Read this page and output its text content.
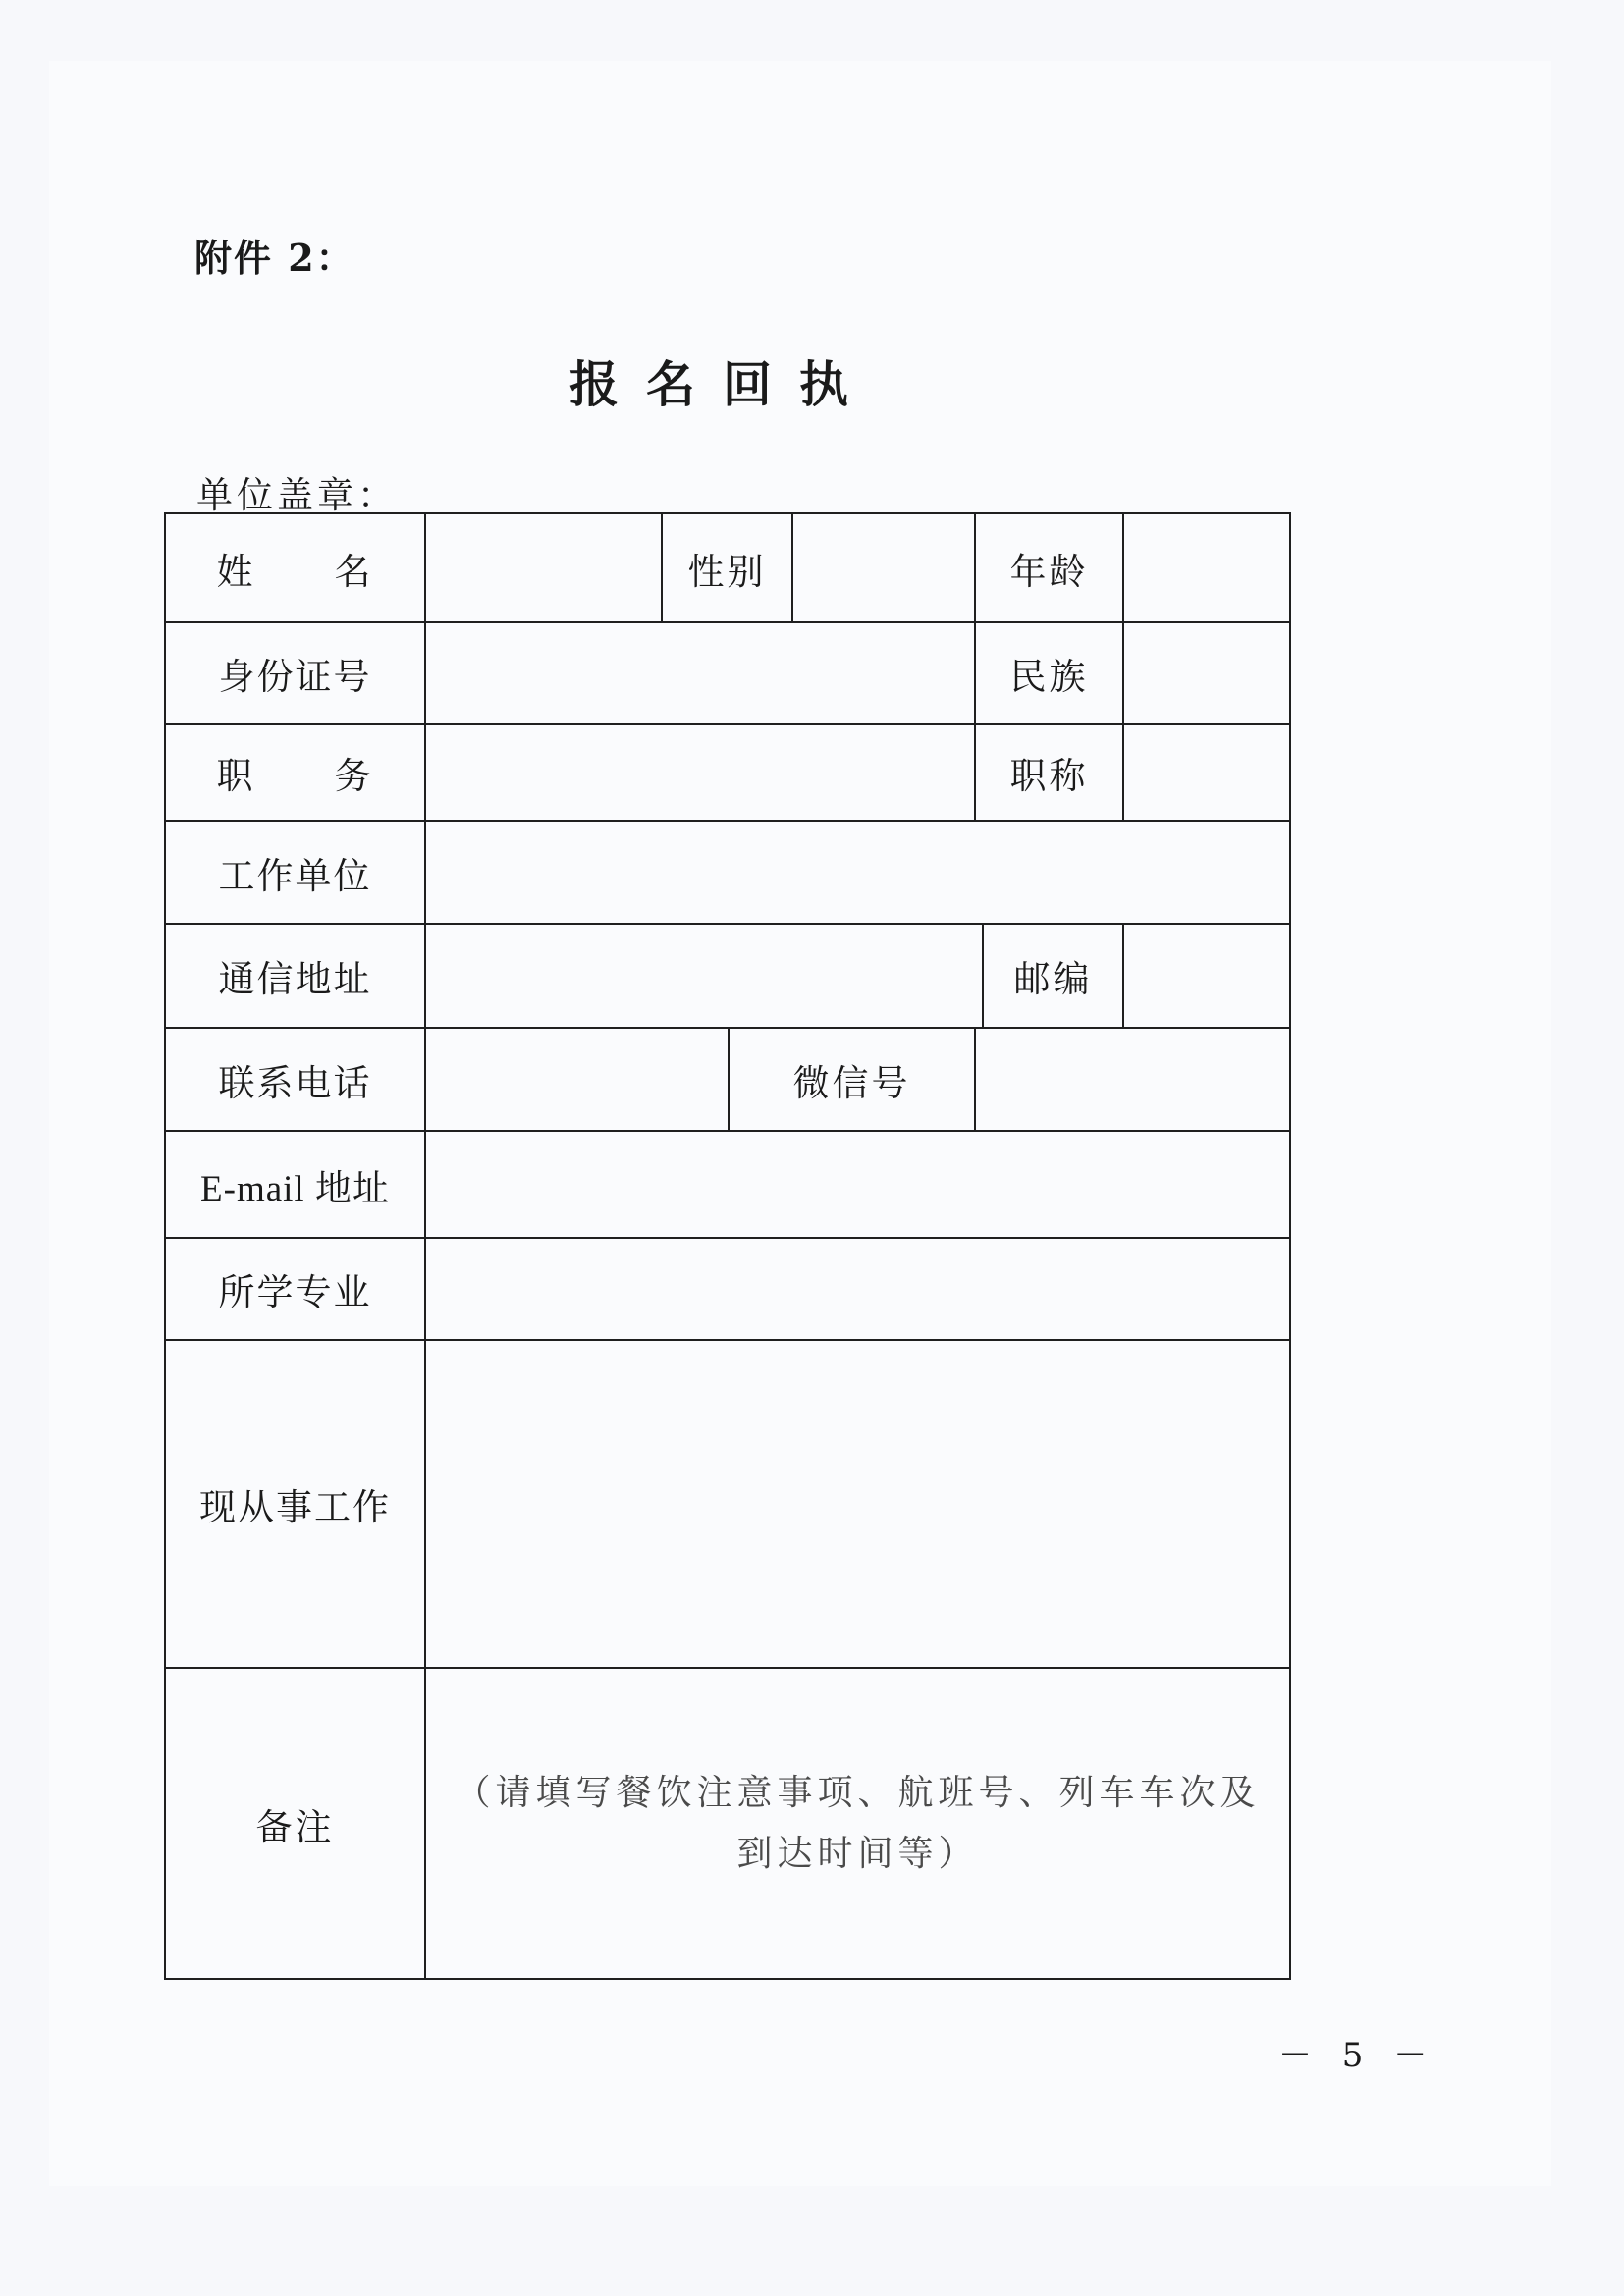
附件 2：
报名回执
单位盖章：
姓　　名		性别			年龄		
身份证号					民族		
职　　务					职称		
工作单位							
通信地址						邮编	
联系电话			微信号				
E-mail 地址							
所学专业							
现从事工作							
备注	（请填写餐饮注意事项、航班号、列车车次及
到达时间等）						
－ 5 －
